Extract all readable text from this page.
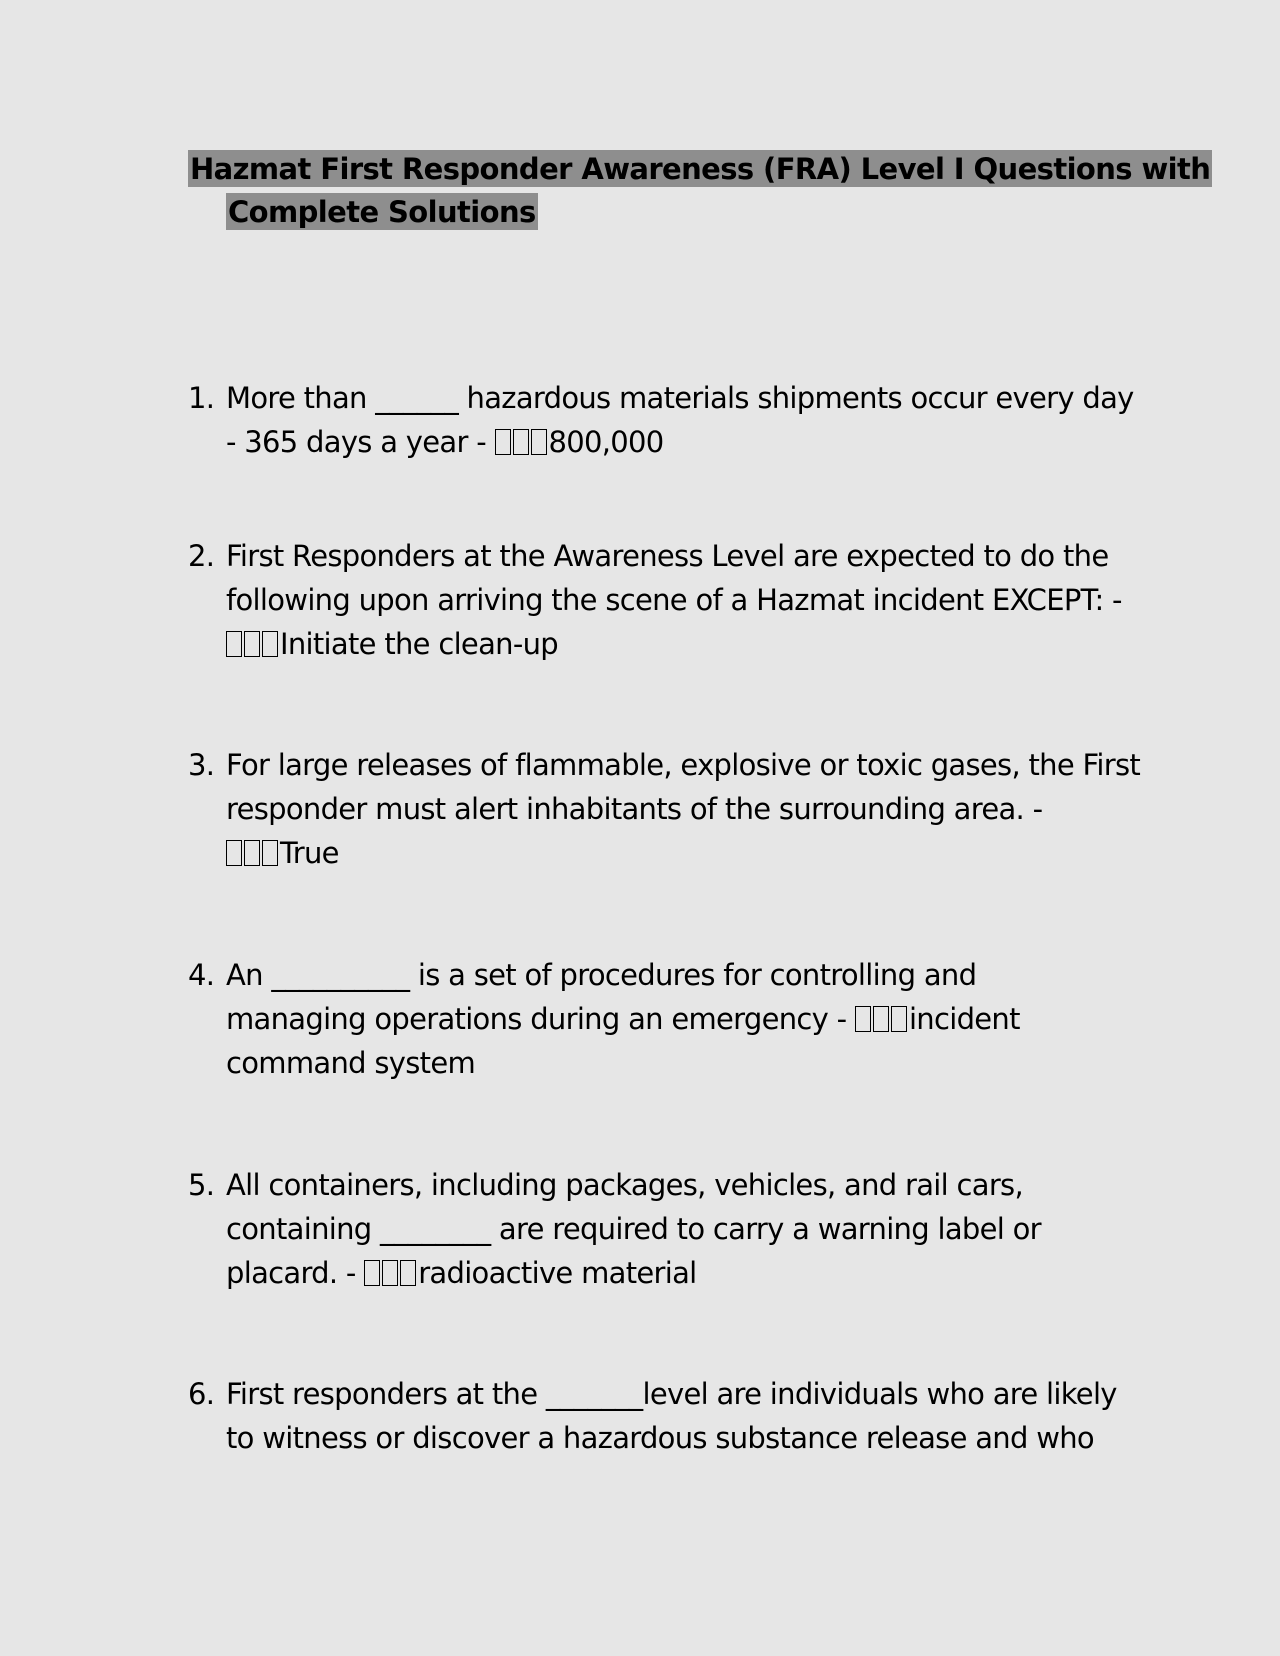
Hazmat First Responder Awareness (FRA) Level I Questions with
Complete Solutions
1. More than ______ hazardous materials shipments occur every day
- 365 days a year - 800,000
2. First Responders at the Awareness Level are expected to do the
following upon arriving the scene of a Hazmat incident EXCEPT: -
Initiate the clean-up
3. For large releases of flammable, explosive or toxic gases, the First
responder must alert inhabitants of the surrounding area. -
True
4. An __________ is a set of procedures for controlling and
managing operations during an emergency - incident
command system
5. All containers, including packages, vehicles, and rail cars,
containing ________ are required to carry a warning label or
placard. - radioactive material
6. First responders at the _______level are individuals who are likely
to witness or discover a hazardous substance release and who
